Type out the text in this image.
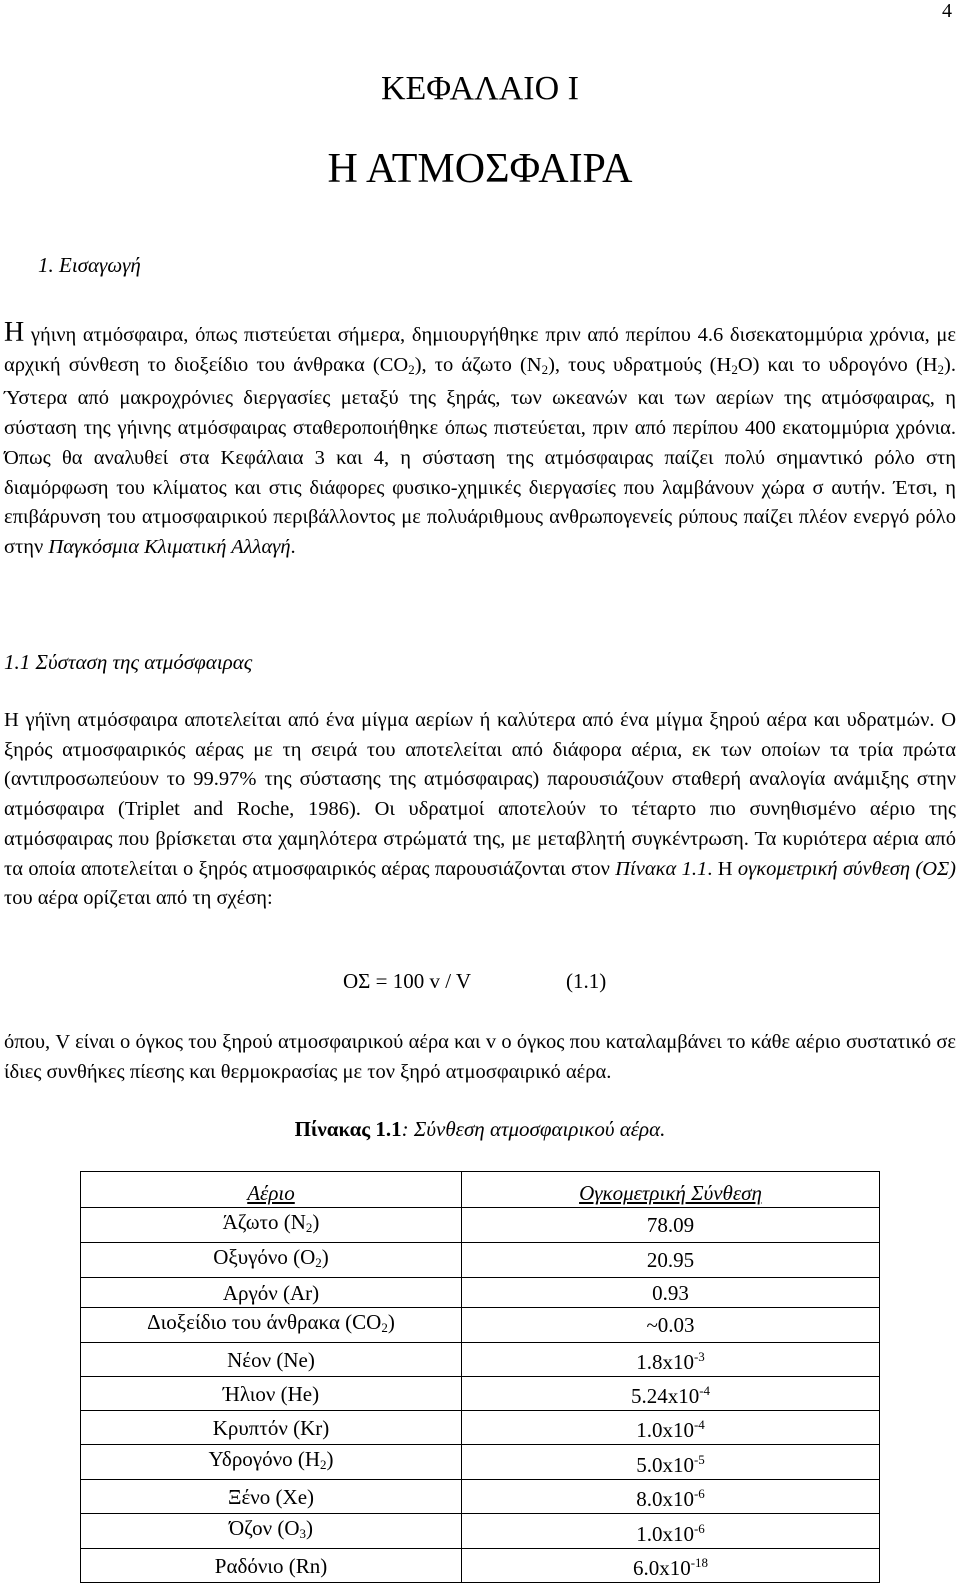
4
ΚΕΦΑΛΑΙΟ Ι
Η ΑΤΜΟΣΦΑΙΡΑ
1. Εισαγωγή
Η γήινη ατμόσφαιρα, όπως πιστεύεται σήμερα, δημιουργήθηκε πριν από περίπου 4.6 δισεκατομμύρια χρόνια, με αρχική σύνθεση το διοξείδιο του άνθρακα $(CO_2)$, το άζωτο $(N_2)$, τους υδρατμούς $(H_2O)$ και το υδρογόνο $(H_2)$. Ύστερα από μακροχρόνιες διεργασίες μεταξύ της ξηράς, των ωκεανών και των αερίων της ατμόσφαιρας, η σύσταση της γήινης ατμόσφαιρας σταθεροποιήθηκε όπως πιστεύεται, πριν από περίπου 400 εκατομμύρια χρόνια. Όπως θα αναλυθεί στα Κεφάλαια 3 και 4, η σύσταση της ατμόσφαιρας παίζει πολύ σημαντικό ρόλο στη διαμόρφωση του κλίματος και στις διάφορες φυσικο-χημικές διεργασίες που λαμβάνουν χώρα σ αυτήν. Έτσι, η επιβάρυνση του ατμοσφαιρικού περιβάλλοντος με πολυάριθμους ανθρωπογενείς ρύπους παίζει πλέον ενεργό ρόλο στην Παγκόσμια Κλιματική Αλλαγή.
1.1 Σύσταση της ατμόσφαιρας
Η γήϊνη ατμόσφαιρα αποτελείται από ένα μίγμα αερίων ή καλύτερα από ένα μίγμα ξηρού αέρα και υδρατμών. Ο ξηρός ατμοσφαιρικός αέρας με τη σειρά του αποτελείται από διάφορα αέρια, εκ των οποίων τα τρία πρώτα (αντιπροσωπεύουν το 99.97% της σύστασης της ατμόσφαιρας) παρουσιάζουν σταθερή αναλογία ανάμιξης στην ατμόσφαιρα (Triplet and Roche, 1986). Οι υδρατμοί αποτελούν το τέταρτο πιο συνηθισμένο αέριο της ατμόσφαιρας που βρίσκεται στα χαμηλότερα στρώματά της, με μεταβλητή συγκέντρωση. Τα κυριότερα αέρια από τα οποία αποτελείται ο ξηρός ατμοσφαιρικός αέρας παρουσιάζονται στον Πίνακα 1.1. Η ογκομετρική σύνθεση (ΟΣ) του αέρα ορίζεται από τη σχέση:
ΟΣ = 100 v / V	(1.1)
όπου, V είναι ο όγκος του ξηρού ατμοσφαιρικού αέρα και v ο όγκος που καταλαμβάνει το κάθε αέριο συστατικό σε ίδιες συνθήκες πίεσης και θερμοκρασίας με τον ξηρό ατμοσφαιρικό αέρα.
Πίνακας 1.1: Σύνθεση ατμοσφαιρικού αέρα.
Αέριο	Ογκομετρική Σύνθεση
Άζωτο $(N_2)$	78.09
Οξυγόνο $(O_2)$	20.95
Αργόν (Ar)	0.93
Διοξείδιο του άνθρακα $(CO_2)$	~0.03
Νέον (Ne)	$1.8x10^{-3}$
Ήλιον (He)	$5.24x10^{-4}$
Κρυπτόν (Kr)	$1.0x10^{-4}$
Υδρογόνο $(H_2)$	$5.0x10^{-5}$
Ξένο (Xe)	$8.0x10^{-6}$
Όζον $(O_3)$	$1.0x10^{-6}$
Ραδόνιο (Rn)	$6.0x10^{-18}$
